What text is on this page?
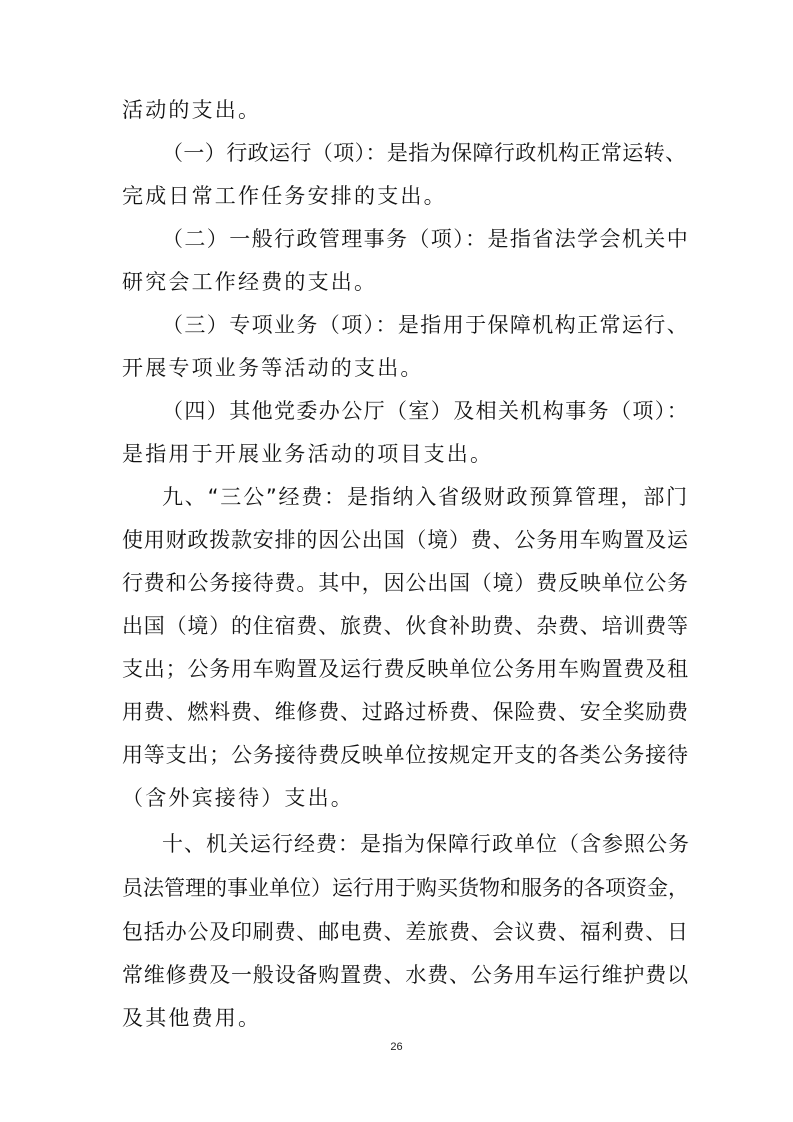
活动的支出。
（一）行政运行（项）：是指为保障行政机构正常运转、
完成日常工作任务安排的支出。
（二）一般行政管理事务（项）：是指省法学会机关中
研究会工作经费的支出。
（三）专项业务（项）：是指用于保障机构正常运行、
开展专项业务等活动的支出。
（四）其他党委办公厅（室）及相关机构事务（项）：
是指用于开展业务活动的项目支出。
九、“三公”经费：是指纳入省级财政预算管理，部门
使用财政拨款安排的因公出国（境）费、公务用车购置及运
行费和公务接待费。其中，因公出国（境）费反映单位公务
出国（境）的住宿费、旅费、伙食补助费、杂费、培训费等
支出；公务用车购置及运行费反映单位公务用车购置费及租
用费、燃料费、维修费、过路过桥费、保险费、安全奖励费
用等支出；公务接待费反映单位按规定开支的各类公务接待
（含外宾接待）支出。
十、机关运行经费：是指为保障行政单位（含参照公务
员法管理的事业单位）运行用于购买货物和服务的各项资金，
包括办公及印刷费、邮电费、差旅费、会议费、福利费、日
常维修费及一般设备购置费、水费、公务用车运行维护费以
及其他费用。
26
